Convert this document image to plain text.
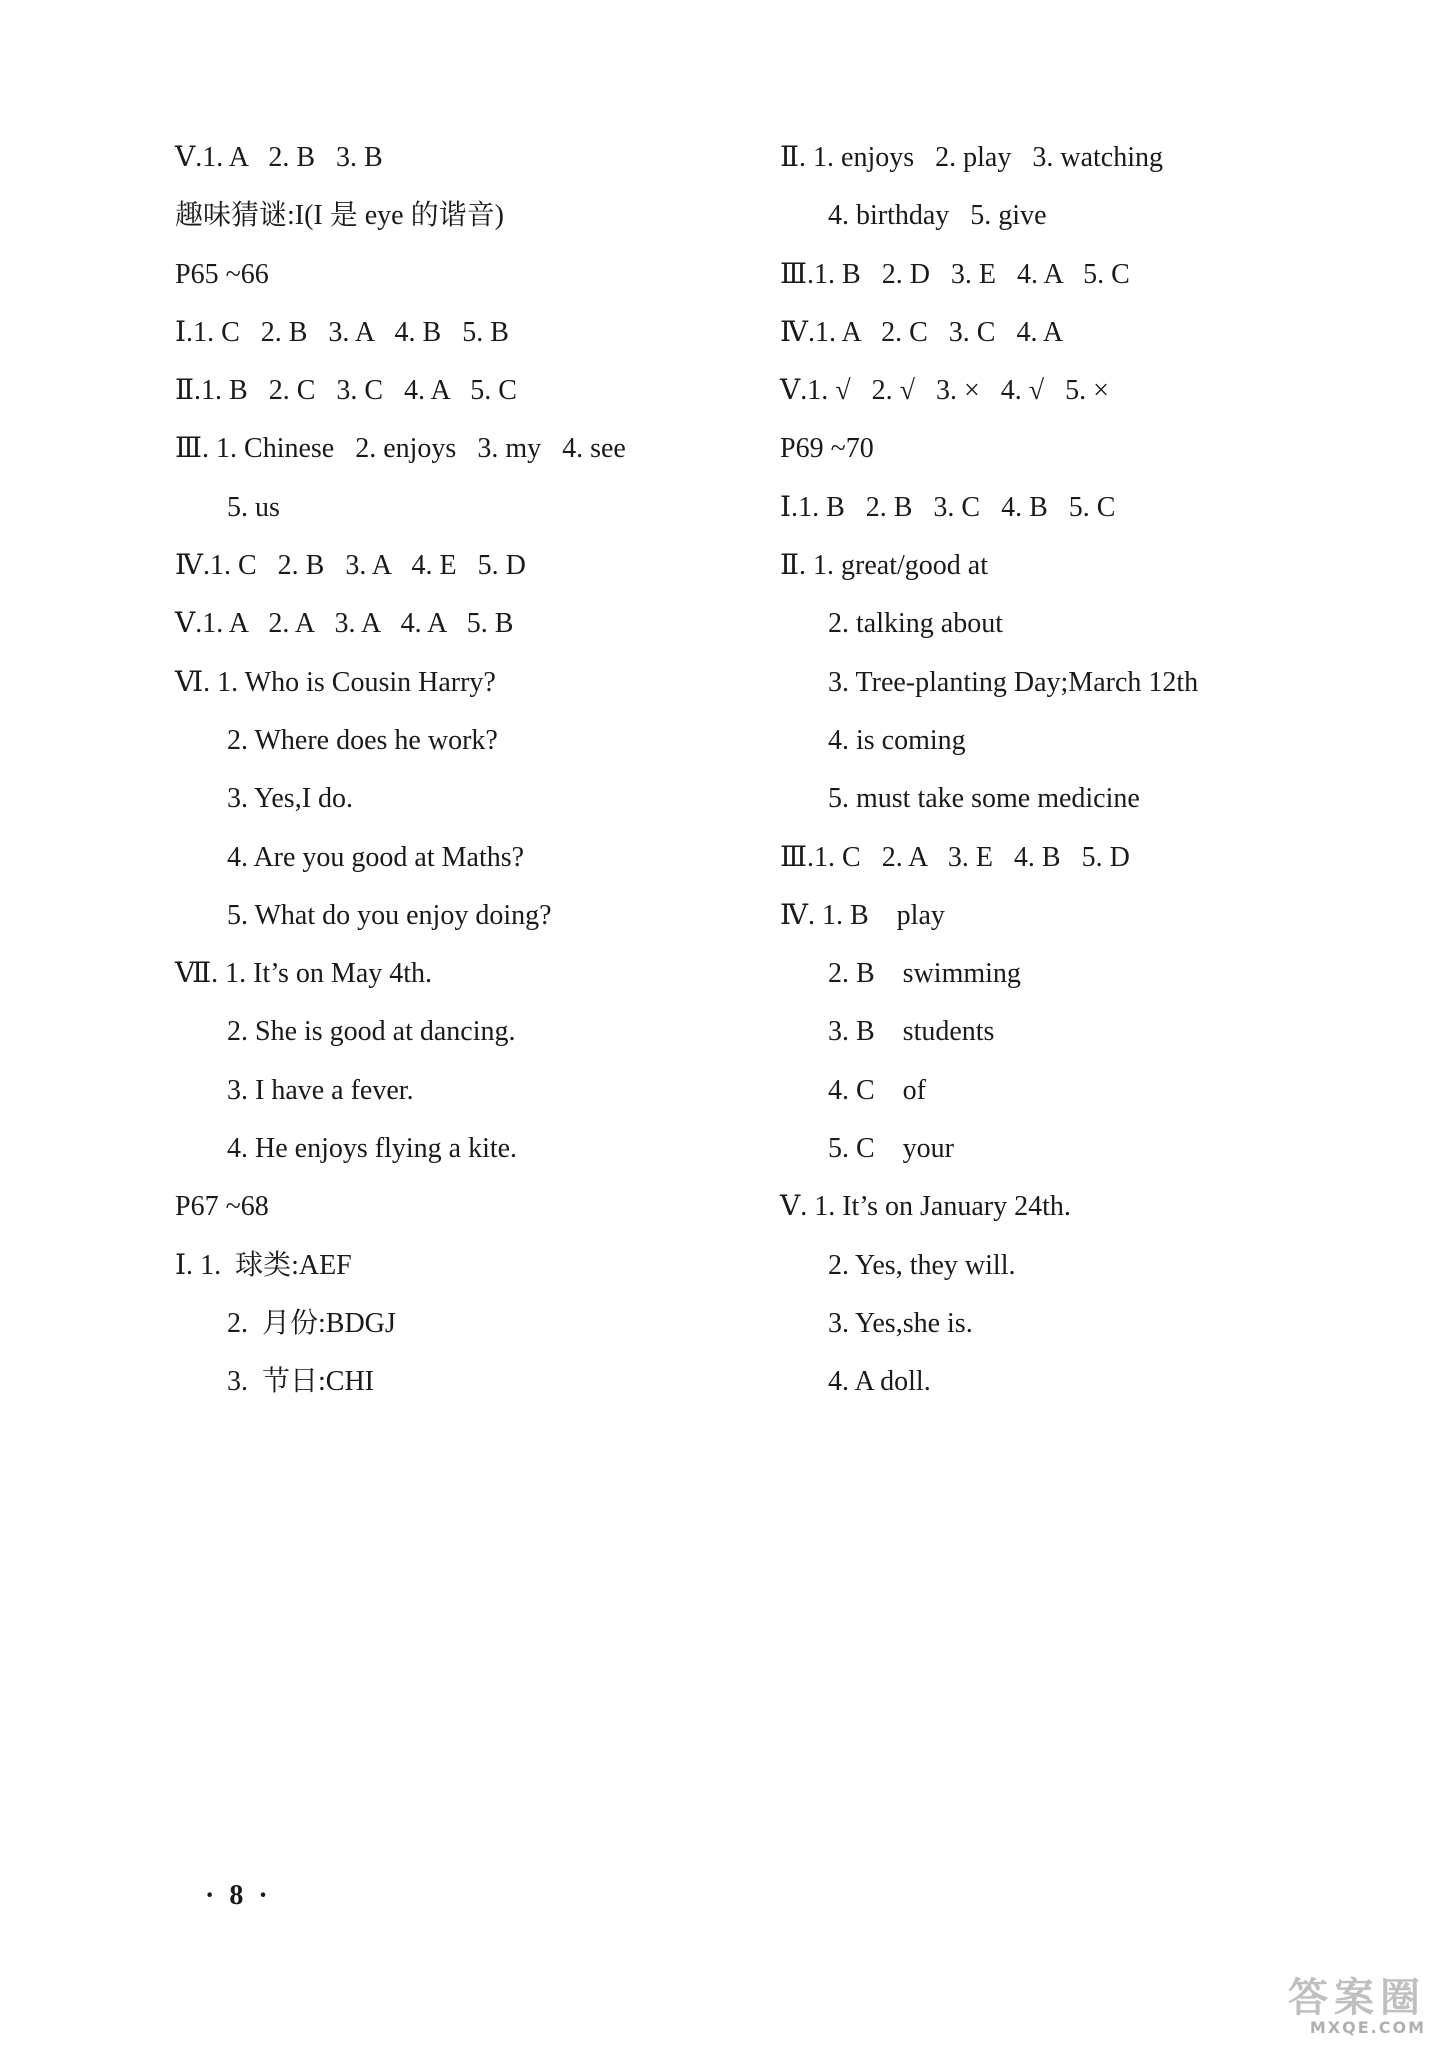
Ⅴ. 1. A   2. B   3. B
趣味猜谜:I(I 是 eye 的谐音)
P65 ~66
Ⅰ. 1. C   2. B   3. A   4. B   5. B
Ⅱ. 1. B   2. C   3. C   4. A   5. C
Ⅲ. 1. Chinese   2. enjoys   3. my   4. see
5. us
Ⅳ. 1. C   2. B   3. A   4. E   5. D
Ⅴ. 1. A   2. A   3. A   4. A   5. B
Ⅵ. 1. Who is Cousin Harry?
2. Where does he work?
3. Yes,I do.
4. Are you good at Maths?
5. What do you enjoy doing?
Ⅶ. 1. It’s on May 4th.
2. She is good at dancing.
3. I have a fever.
4. He enjoys flying a kite.
P67 ~68
Ⅰ. 1.  球类:AEF
2.  月份:BDGJ
3.  节日:CHI
Ⅱ. 1. enjoys   2. play   3. watching
4. birthday   5. give
Ⅲ. 1. B   2. D   3. E   4. A   5. C
Ⅳ. 1. A   2. C   3. C   4. A
Ⅴ. 1. √   2. √   3. ×   4. √   5. ×
P69 ~70
Ⅰ. 1. B   2. B   3. C   4. B   5. C
Ⅱ. 1. great/good at
2. talking about
3. Tree-planting Day;March 12th
4. is coming
5. must take some medicine
Ⅲ. 1. C   2. A   3. E   4. B   5. D
Ⅳ. 1. B    play
2. B    swimming
3. B    students
4. C    of
5. C    your
Ⅴ. 1. It’s on January 24th.
2. Yes, they will.
3. Yes,she is.
4. A doll.
· 8 ·
答案圈
MXQE.COM
